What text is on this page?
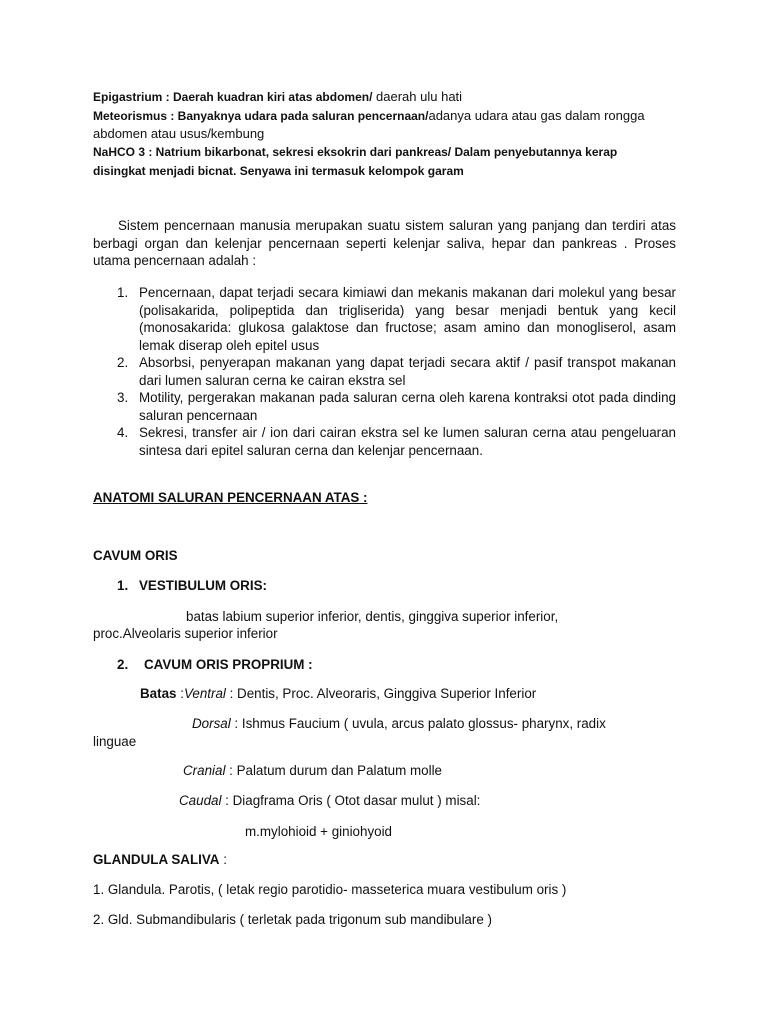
Epigastrium : Daerah kuadran kiri atas abdomen/ daerah ulu hati
Meteorismus : Banyaknya udara pada saluran pencernaan/adanya udara atau gas dalam rongga
abdomen atau usus/kembung
NaHCO 3 : Natrium bikarbonat, sekresi eksokrin dari pankreas/ Dalam penyebutannya kerap
disingkat menjadi bicnat. Senyawa ini termasuk kelompok garam

Sistem pencernaan manusia merupakan suatu sistem saluran yang panjang dan terdiri atas berbagi organ dan kelenjar pencernaan seperti kelenjar saliva, hepar dan pankreas . Proses utama pencernaan adalah :

1. Pencernaan, dapat terjadi secara kimiawi dan mekanis makanan dari molekul yang besar (polisakarida, polipeptida dan trigliserida) yang besar menjadi bentuk yang kecil (monosakarida: glukosa galaktose dan fructose; asam amino dan monogliserol, asam lemak diserap oleh epitel usus
2. Absorbsi, penyerapan makanan yang dapat terjadi secara aktif / pasif transpot makanan dari lumen saluran cerna ke cairan ekstra sel
3. Motility, pergerakan makanan pada saluran cerna oleh karena kontraksi otot pada dinding saluran pencernaan
4. Sekresi, transfer air / ion dari cairan ekstra sel ke lumen saluran cerna atau pengeluaran sintesa dari epitel saluran cerna dan kelenjar pencernaan.
ANATOMI SALURAN PENCERNAAN ATAS :
CAVUM ORIS
1. VESTIBULUM ORIS:
batas labium superior inferior, dentis, ginggiva superior inferior,
proc.Alveolaris superior inferior
2. CAVUM ORIS PROPRIUM :
Batas :Ventral : Dentis, Proc. Alveoraris, Ginggiva Superior Inferior
Dorsal : Ishmus Faucium ( uvula, arcus palato glossus- pharynx, radix
linguae
Cranial : Palatum durum dan Palatum molle
Caudal : Diagframa Oris ( Otot dasar mulut ) misal:
m.mylohioid + giniohyoid
GLANDULA SALIVA :
1. Glandula. Parotis, ( letak regio parotidio- masseterica muara vestibulum oris )
2. Gld. Submandibularis ( terletak pada trigonum sub mandibulare )
